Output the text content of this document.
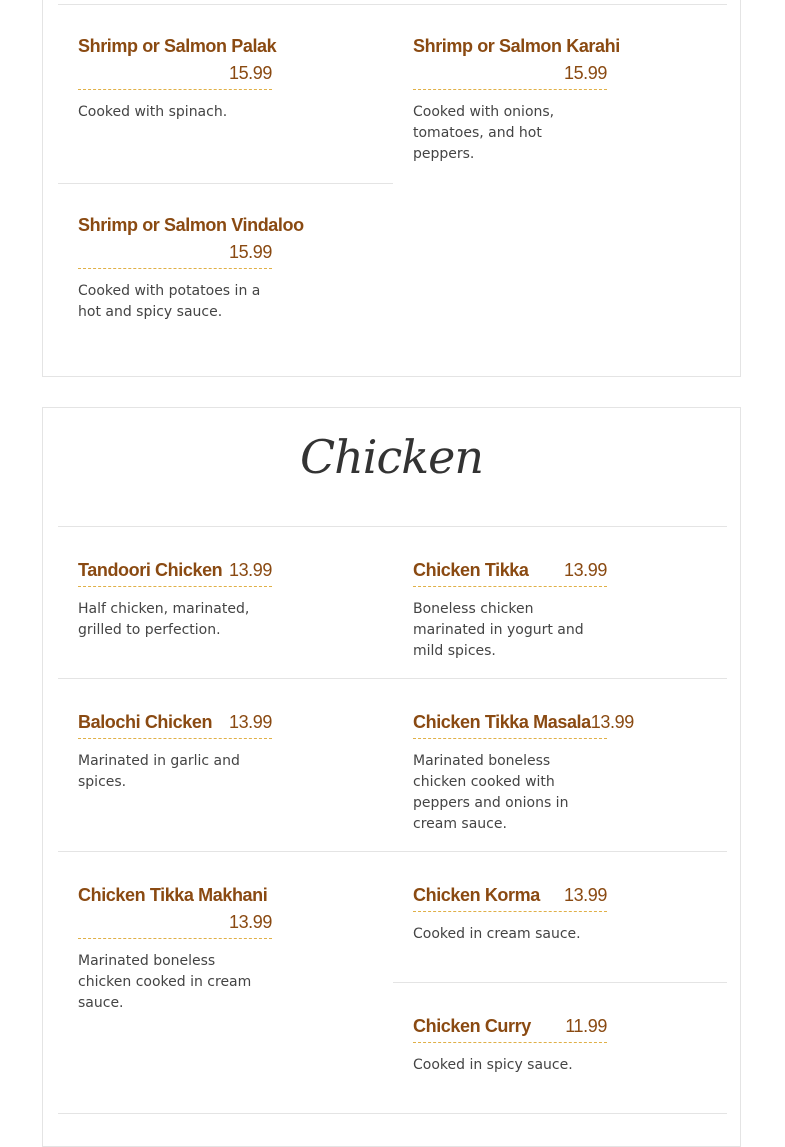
Shrimp or Salmon Palak
15.99
Cooked with spinach.
Shrimp or Salmon Karahi
15.99
Cooked with onions, tomatoes, and hot peppers.
Shrimp or Salmon Vindaloo
15.99
Cooked with potatoes in a hot and spicy sauce.
Chicken
Tandoori Chicken 13.99
Half chicken, marinated, grilled to perfection.
Chicken Tikka 13.99
Boneless chicken marinated in yogurt and mild spices.
Balochi Chicken 13.99
Marinated in garlic and spices.
Chicken Tikka Masala 13.99
Marinated boneless chicken cooked with peppers and onions in cream sauce.
Chicken Tikka Makhani
13.99
Marinated boneless chicken cooked in cream sauce.
Chicken Korma 13.99
Cooked in cream sauce.
Chicken Curry 11.99
Cooked in spicy sauce.
